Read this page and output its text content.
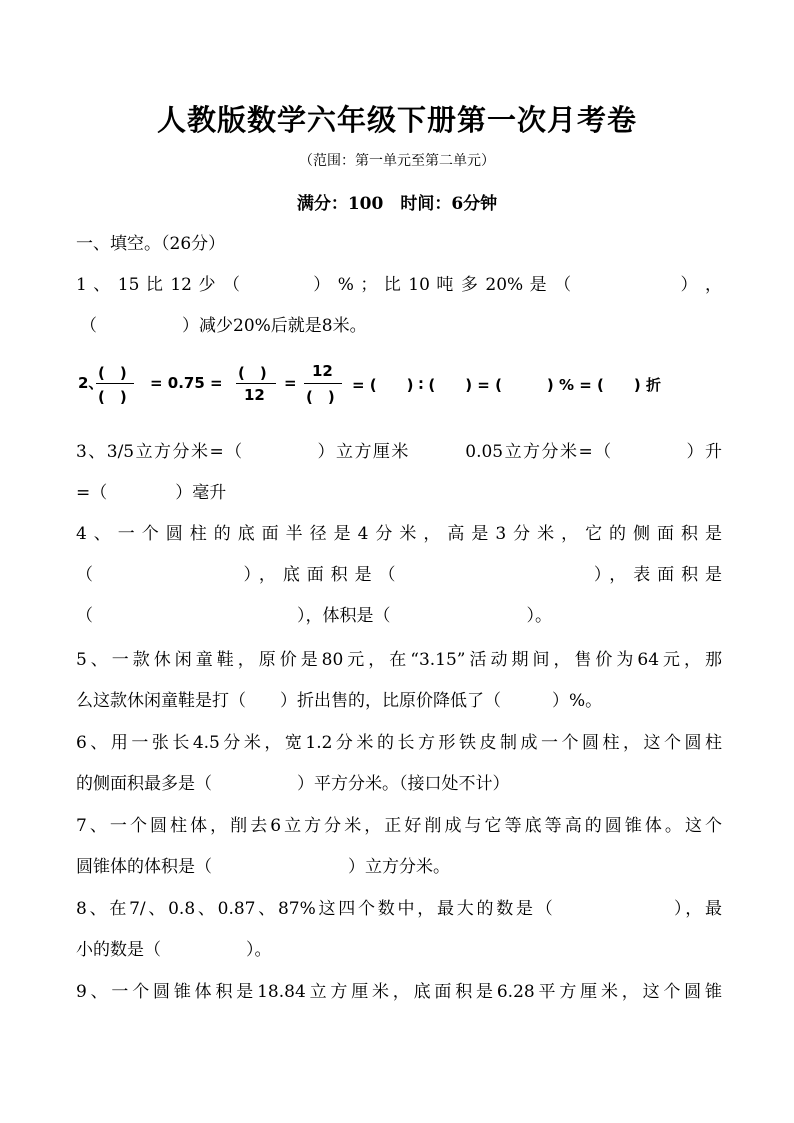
人教版数学六年级下册第一次月考卷
（范围：第一单元至第二单元）
满分：100　时间：6分钟
一、填空。（26分）
1 、 15 比 12 少 （　　　　） % ； 比 10 吨 多 20% 是 （　　　　　　） ，
（　　　　　）减少20%后就是8米。
2、
(　)
(　)
= 0.75 =
(　)
12
=
12
(　)
= (　　) ∶ (　　) = (　　　) % = (　　) 折
3、3/5立方分米=（　　　　）立方厘米　　　0.05立方分米=（　　　　）升
=（　　　　）毫升
4、一个圆柱的底面半径是4分米，高是3分米，它的侧面积是
（　　　　　　），底面积是（　　　　　　　　），表面积是
（　　　　　　　　　　　　），体积是（　　　　　　　　）。
5、一款休闲童鞋，原价是80元，在“3.15”活动期间，售价为64元，那
么这款休闲童鞋是打（　　）折出售的，比原价降低了（　　　）%。
6、用一张长4.5分米，宽1.2分米的长方形铁皮制成一个圆柱，这个圆柱
的侧面积最多是（　　　　　）平方分米。（接口处不计）
7、一个圆柱体，削去6立方分米，正好削成与它等底等高的圆锥体。这个
圆锥体的体积是（　　　　　　　　）立方分米。
8、在7/、0.8、0.87、87%这四个数中，最大的数是（　　　　　　），最
小的数是（　　　　　）。
9、一个圆锥体积是18.84立方厘米，底面积是6.28平方厘米，这个圆锥
